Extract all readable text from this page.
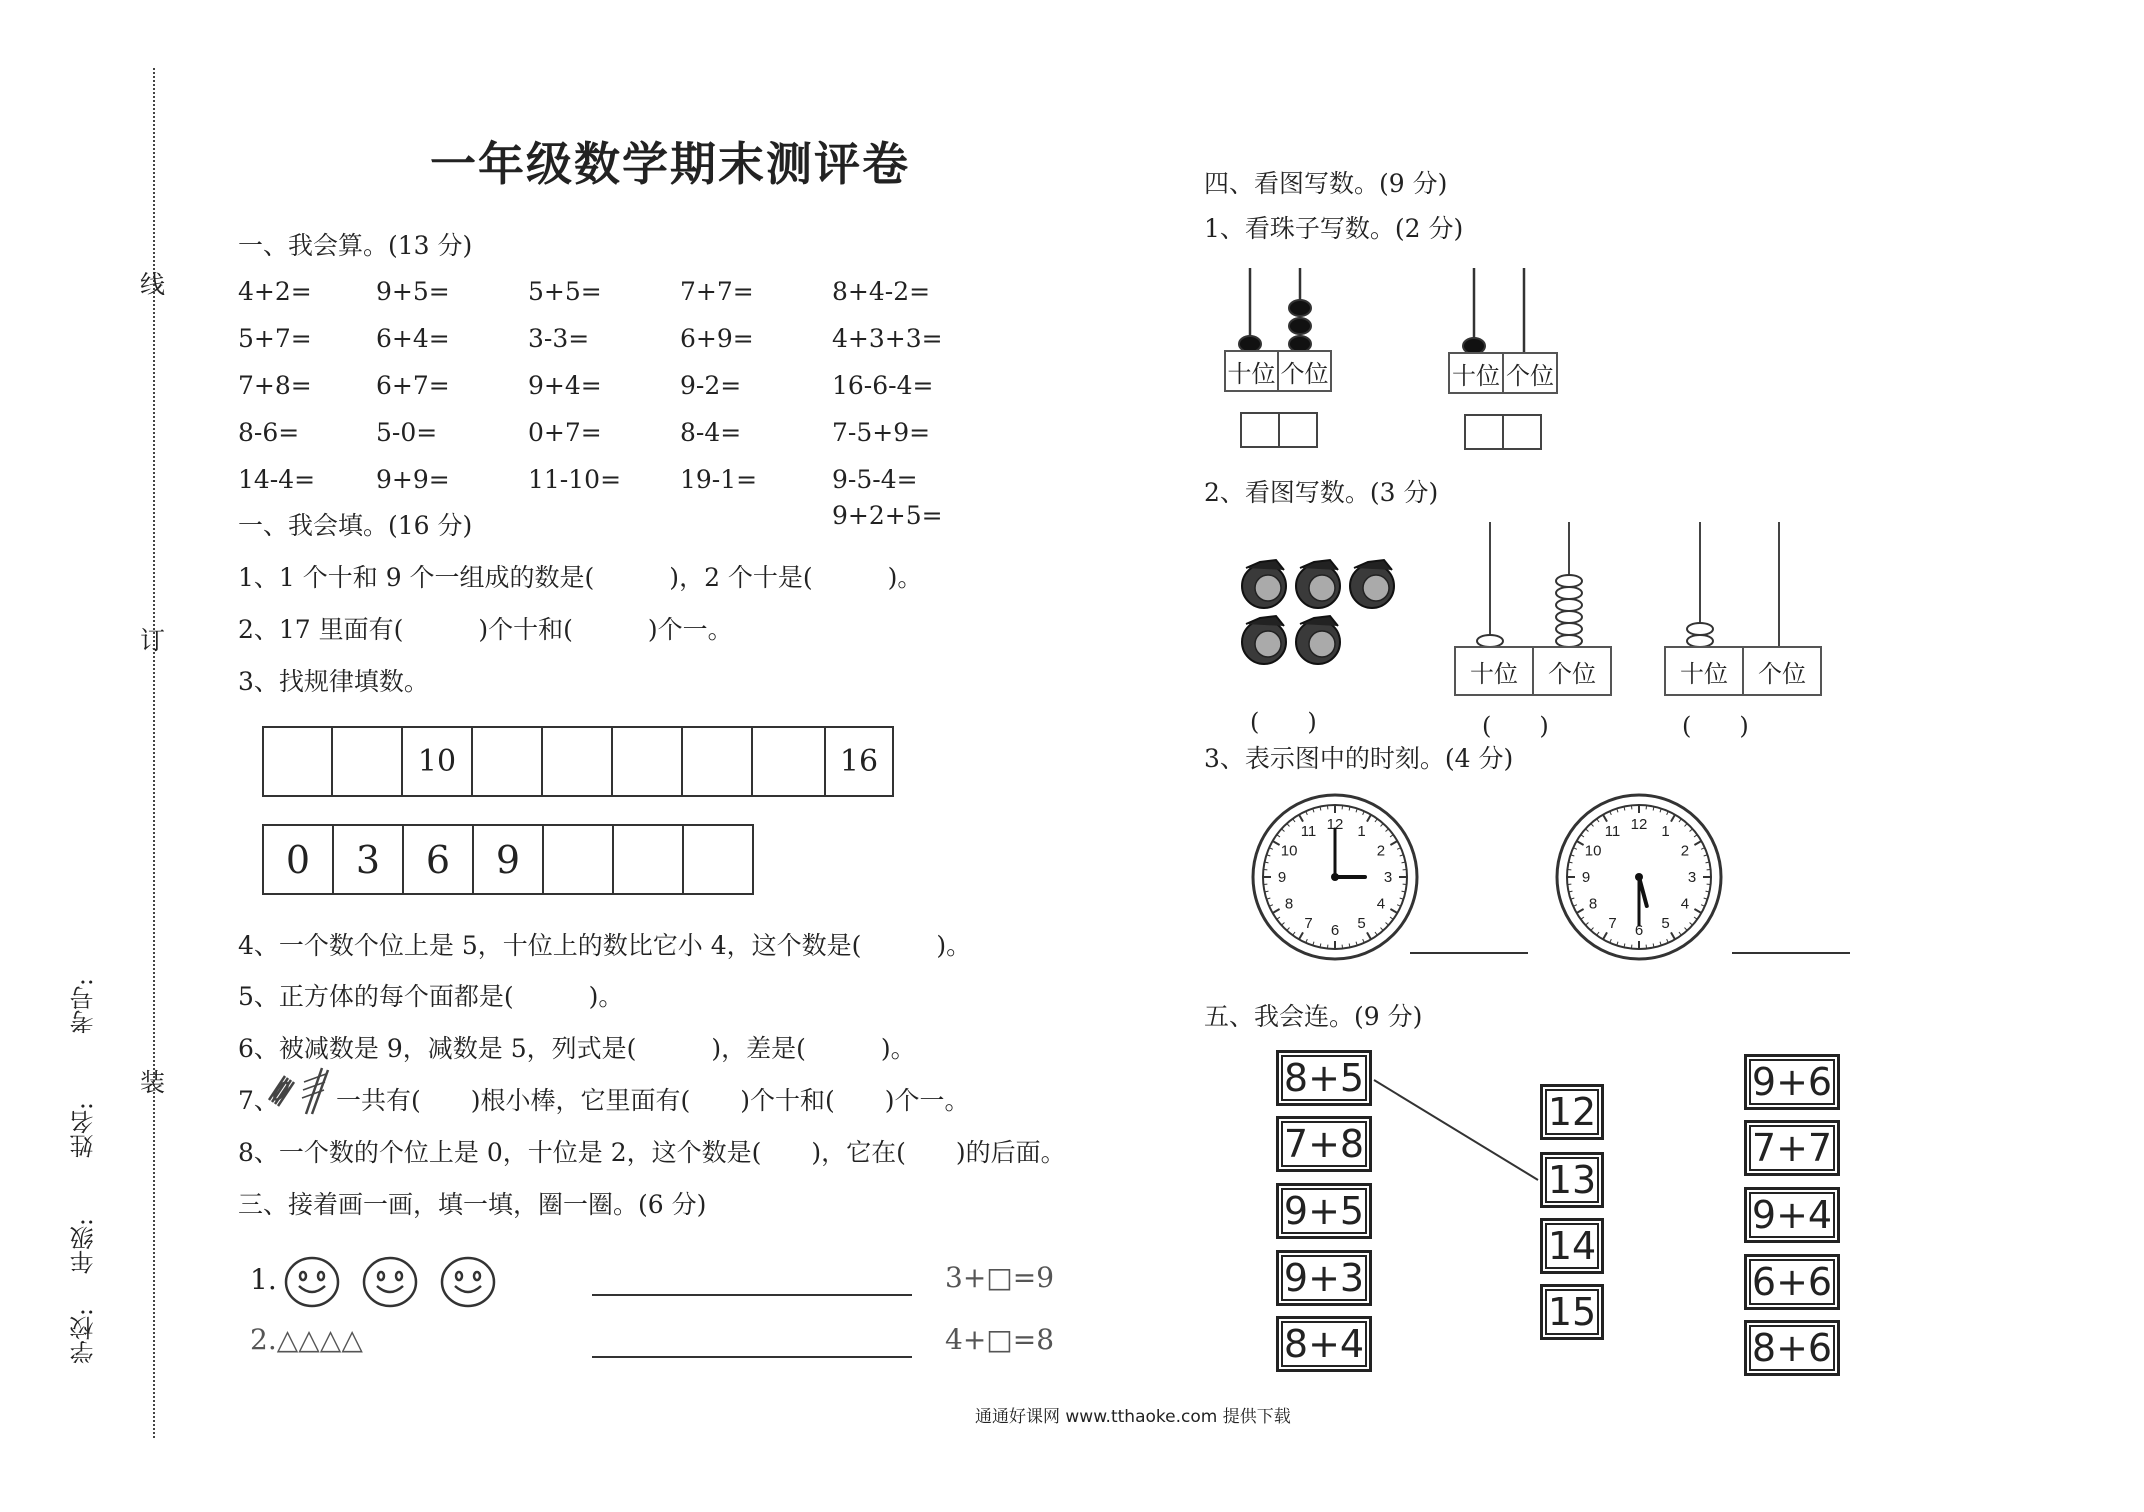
线
订
装
学校:
年级:
姓名:
考号:
一年级数学期末测评卷
一、我会算。(13 分)
4+2=	9+5=	5+5=	7+7=	8+4-2=
5+7=	6+4=	3-3=	6+9=	4+3+3=
7+8=	6+7=	9+4=	9-2=	16-6-4=
8-6=	5-0=	0+7=	8-4=	7-5+9=
14-4= 9+9=	11-10= 19-1=	9-5-4=
9+2+5=
一、我会填。(16 分)
1、1 个十和 9 个一组成的数是(　　　)，2 个十是(　　　)。
2、17 里面有(　　　)个十和(　　　)个一。
3、找规律填数。
10	16
0	3	6	9
4、一个数个位上是 5，十位上的数比它小 4，这个数是(　　　)。
5、正方体的每个面都是(　　　)。
6、被减数是 9，减数是 5，列式是(　　　)，差是(　　　)。
7、 一共有(　　)根小棒，它里面有(　　)个十和(　　)个一。
8、一个数的个位上是 0，十位是 2，这个数是(　　)，它在(　　)的后面。
三、接着画一画，填一填，圈一圈。(6 分)
1.	3+□=9
2.△△△△	4+□=8
四、看图写数。(9 分)
1、看珠子写数。(2 分)
十位 个位	十位 个位
2、看图写数。(3 分)
(　　)
十位	个位
(　　)
十位	个位
(　　)
3、表示图中的时刻。(4 分)
12 1
2
3
4
5
6
7
8
9
10
11	12 1
2
3
4
5
6
7
8
9
10
11
五、我会连。(9 分)
8+5
7+8
9+5
9+3
8+4
12
13
14
15
9+6
7+7
9+4
6+6
8+6
通通好课网 www.tthaoke.com 提供下载
